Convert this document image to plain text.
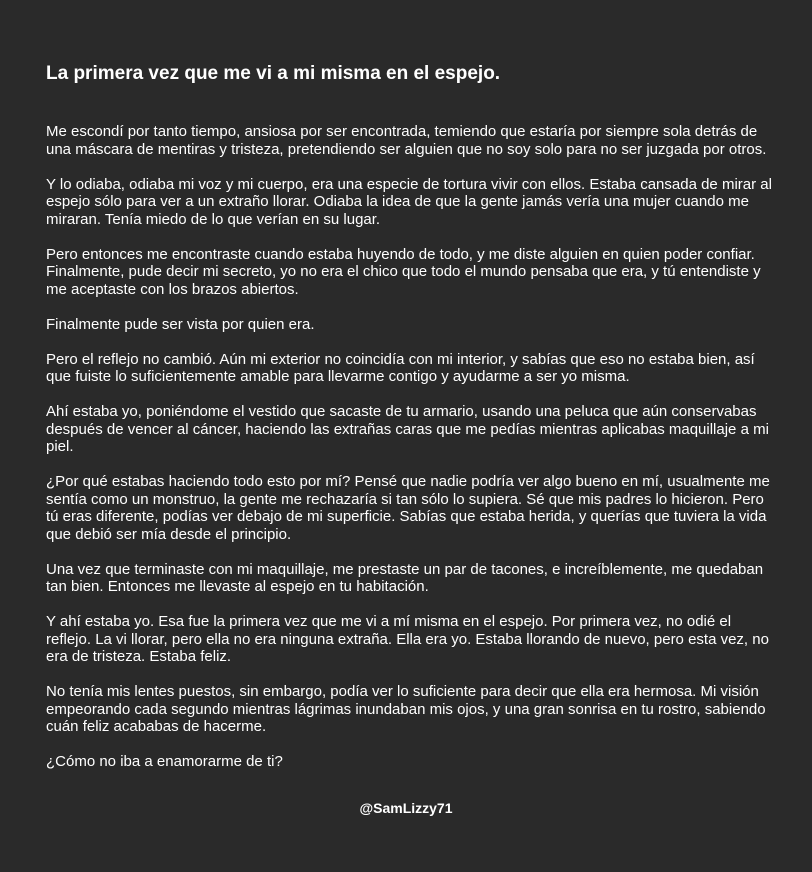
La primera vez que me vi a mi misma en el espejo.

Me escondí por tanto tiempo, ansiosa por ser encontrada, temiendo que estaría por siempre sola detrás de una máscara de mentiras y tristeza, pretendiendo ser alguien que no soy solo para no ser juzgada por otros.

Y lo odiaba, odiaba mi voz y mi cuerpo, era una especie de tortura vivir con ellos. Estaba cansada de mirar al espejo sólo para ver a un extraño llorar. Odiaba la idea de que la gente jamás vería una mujer cuando me miraran. Tenía miedo de lo que verían en su lugar.

Pero entonces me encontraste cuando estaba huyendo de todo, y me diste alguien en quien poder confiar. Finalmente, pude decir mi secreto, yo no era el chico que todo el mundo pensaba que era, y tú entendiste y me aceptaste con los brazos abiertos.

Finalmente pude ser vista por quien era.

Pero el reflejo no cambió. Aún mi exterior no coincidía con mi interior, y sabías que eso no estaba bien, así que fuiste lo suficientemente amable para llevarme contigo y ayudarme a ser yo misma.

Ahí estaba yo, poniéndome el vestido que sacaste de tu armario, usando una peluca que aún conservabas después de vencer al cáncer, haciendo las extrañas caras que me pedías mientras aplicabas maquillaje a mi piel.

¿Por qué estabas haciendo todo esto por mí? Pensé que nadie podría ver algo bueno en mí, usualmente me sentía como un monstruo, la gente me rechazaría si tan sólo lo supiera. Sé que mis padres lo hicieron. Pero tú eras diferente, podías ver debajo de mi superficie. Sabías que estaba herida, y querías que tuviera la vida que debió ser mía desde el principio.

Una vez que terminaste con mi maquillaje, me prestaste un par de tacones, e increíblemente, me quedaban tan bien. Entonces me llevaste al espejo en tu habitación.

Y ahí estaba yo. Esa fue la primera vez que me vi a mí misma en el espejo. Por primera vez, no odié el reflejo. La vi llorar, pero ella no era ninguna extraña. Ella era yo. Estaba llorando de nuevo, pero esta vez, no era de tristeza. Estaba feliz.

No tenía mis lentes puestos, sin embargo, podía ver lo suficiente para decir que ella era hermosa. Mi visión empeorando cada segundo mientras lágrimas inundaban mis ojos, y una gran sonrisa en tu rostro, sabiendo cuán feliz acababas de hacerme.

¿Cómo no iba a enamorarme de ti?

@SamLizzy71
